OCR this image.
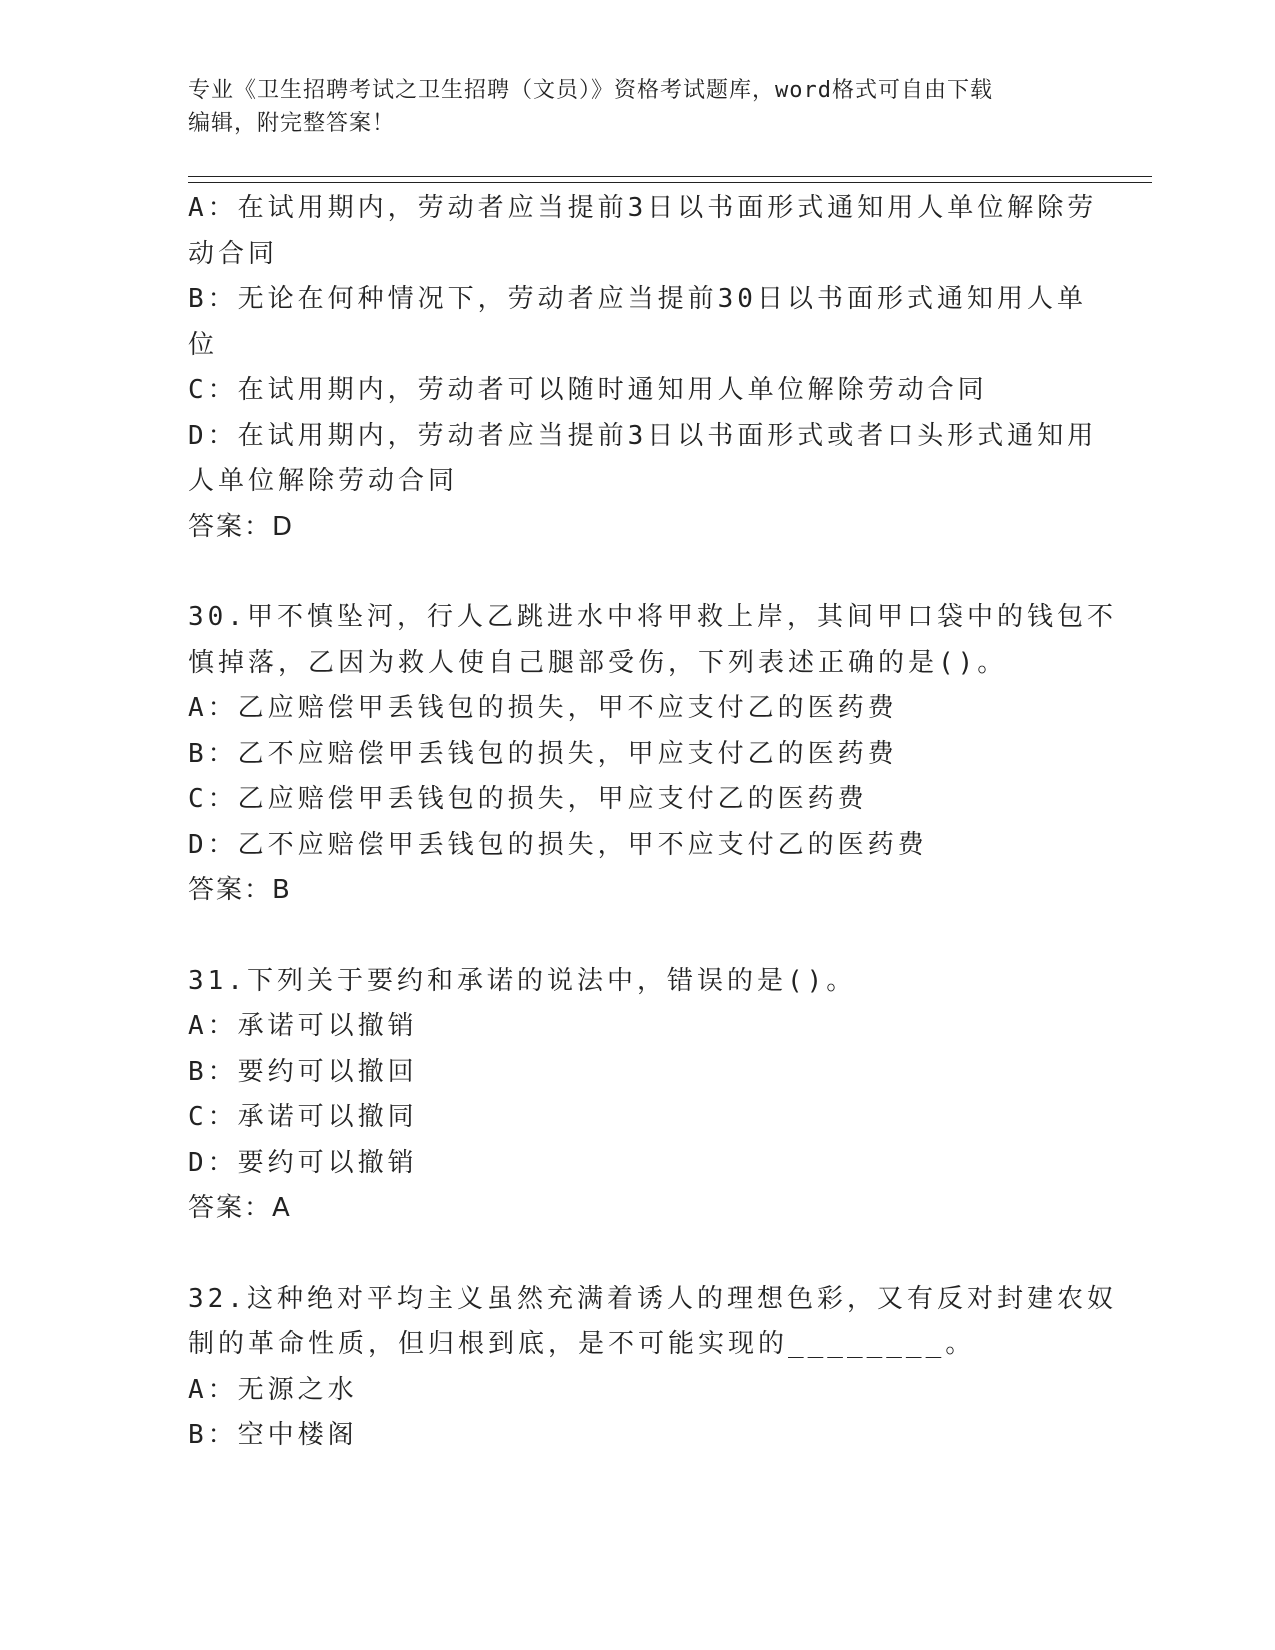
专业《卫生招聘考试之卫生招聘（文员）》资格考试题库，word格式可自由下载
编辑，附完整答案！
A：在试用期内，劳动者应当提前3日以书面形式通知用人单位解除劳
动合同
B：无论在何种情况下，劳动者应当提前30日以书面形式通知用人单
位
C：在试用期内，劳动者可以随时通知用人单位解除劳动合同
D：在试用期内，劳动者应当提前3日以书面形式或者口头形式通知用
人单位解除劳动合同
答案：D
30.甲不慎坠河，行人乙跳进水中将甲救上岸，其间甲口袋中的钱包不
慎掉落，乙因为救人使自己腿部受伤，下列表述正确的是()。
A：乙应赔偿甲丢钱包的损失，甲不应支付乙的医药费
B：乙不应赔偿甲丢钱包的损失，甲应支付乙的医药费
C：乙应赔偿甲丢钱包的损失，甲应支付乙的医药费
D：乙不应赔偿甲丢钱包的损失，甲不应支付乙的医药费
答案：B
31.下列关于要约和承诺的说法中，错误的是()。
A：承诺可以撤销
B：要约可以撤回
C：承诺可以撤同
D：要约可以撤销
答案：A
32.这种绝对平均主义虽然充满着诱人的理想色彩，又有反对封建农奴
制的革命性质，但归根到底，是不可能实现的________。
A：无源之水
B：空中楼阁
